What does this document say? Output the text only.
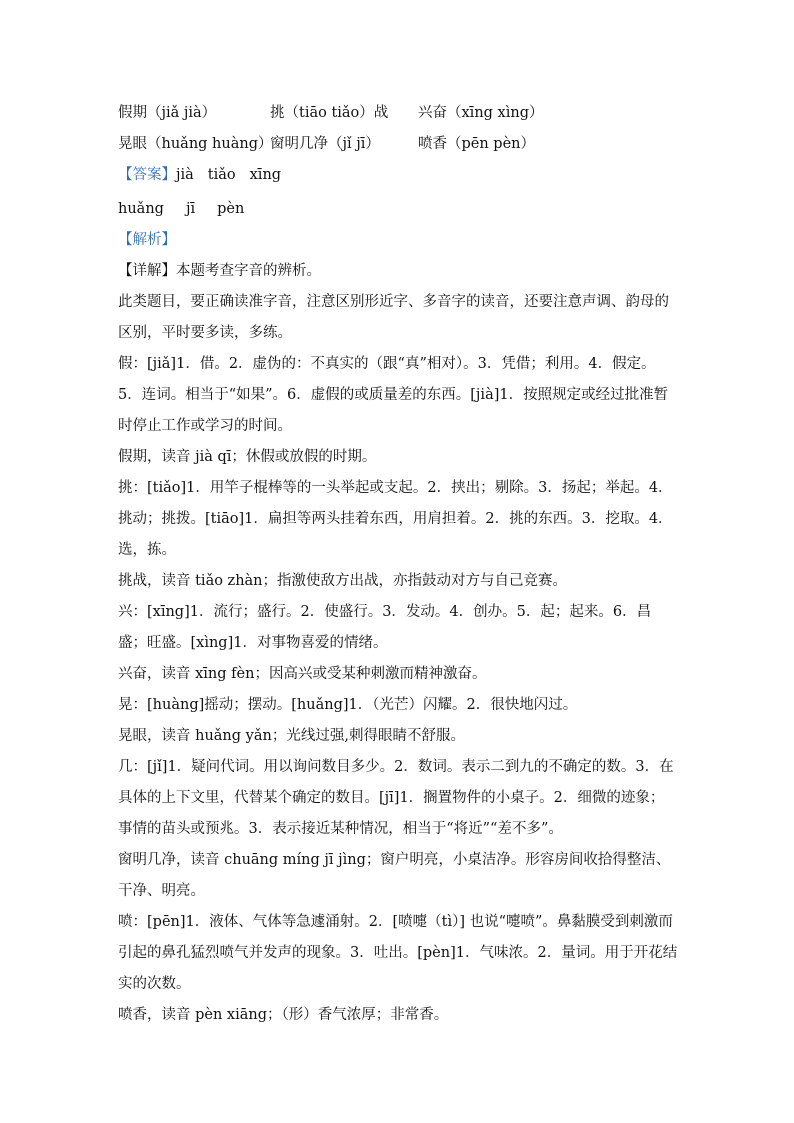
假期（jiǎ jià）	挑（tiāo tiǎo）战 兴奋（xīng xìng）
晃眼（huǎng huàng）窗明几净（jǐ jī）	喷香（pēn pèn）
【答案】jià tiǎo xīng
huǎng jī pèn
【解析】
【详解】本题考查字音的辨析。
此类题目，要正确读准字音，注意区别形近字、多音字的读音，还要注意声调、韵母的区别，平时要多读，多练。
假：[jiǎ]1．借。2．虚伪的：不真实的（跟“真”相对）。3．凭借；利用。4．假定。5．连词。相当于“如果”。6．虚假的或质量差的东西。[jià]1．按照规定或经过批准暂时停止工作或学习的时间。
假期，读音 jià qī；休假或放假的时期。
挑：[tiǎo]1．用竿子棍棒等的一头举起或支起。2．挟出；剔除。3．扬起；举起。4．挑动；挑拨。[tiāo]1．扁担等两头挂着东西，用肩担着。2．挑的东西。3．挖取。4．选，拣。
挑战，读音 tiǎo zhàn；指激使敌方出战，亦指鼓动对方与自己竞赛。
兴：[xīng]1．流行；盛行。2．使盛行。3．发动。4．创办。5．起；起来。6．昌盛；旺盛。[xìng]1．对事物喜爱的情绪。
兴奋，读音 xīng fèn；因高兴或受某种刺激而精神激奋。
晃：[huàng]摇动；摆动。[huǎng]1．（光芒）闪耀。2．很快地闪过。
晃眼，读音 huǎng yǎn；光线过强,刺得眼睛不舒服。
几：[jǐ]1．疑问代词。用以询问数目多少。2．数词。表示二到九的不确定的数。3．在具体的上下文里，代替某个确定的数目。[jī]1．搁置物件的小桌子。2．细微的迹象；事情的苗头或预兆。3．表示接近某种情况，相当于“将近”“差不多”。
窗明几净，读音 chuāng míng jī jìng；窗户明亮，小桌洁净。形容房间收拾得整洁、干净、明亮。
喷：[pēn]1．液体、气体等急遽涌射。2．[喷嚏（tì）] 也说“嚏喷”。鼻黏膜受到刺激而引起的鼻孔猛烈喷气并发声的现象。3．吐出。[pèn]1．气味浓。2．量词。用于开花结实的次数。
喷香，读音 pèn xiāng；（形）香气浓厚；非常香。
